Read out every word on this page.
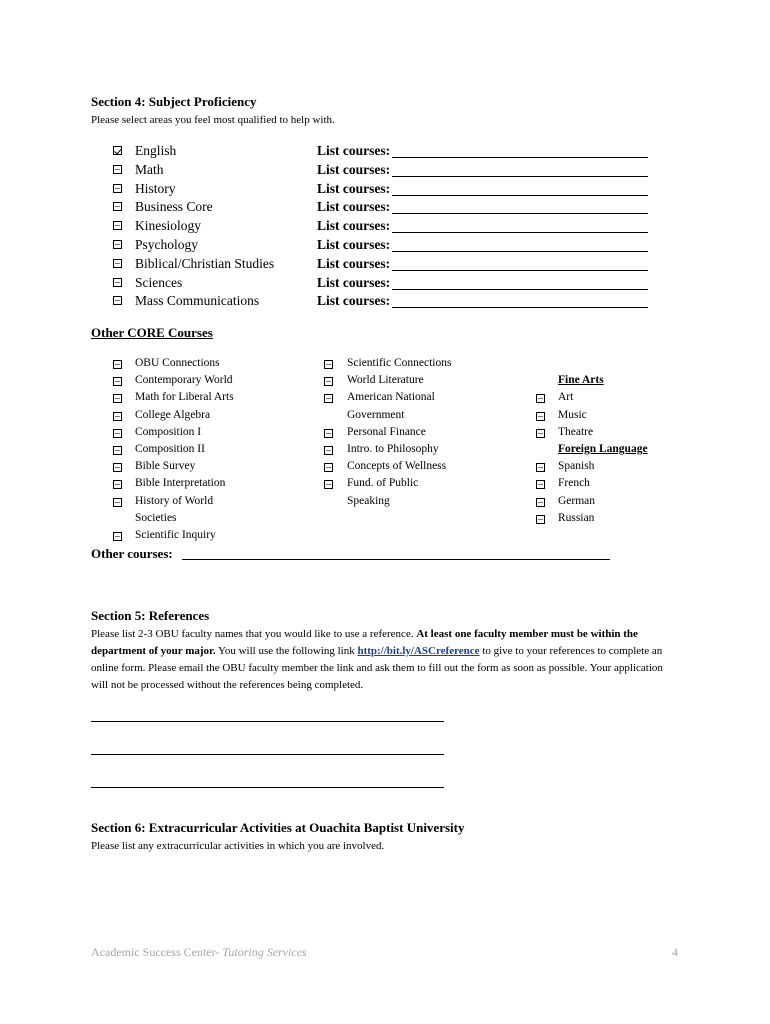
Section 4: Subject Proficiency
Please select areas you feel most qualified to help with.
English	List courses:
Math	List courses:
History	List courses:
Business Core	List courses:
Kinesiology	List courses:
Psychology	List courses:
Biblical/Christian Studies	List courses:
Sciences	List courses:
Mass Communications	List courses:
Other CORE Courses
OBU Connections
Contemporary World
Math for Liberal Arts
College Algebra
Composition I
Composition II
Bible Survey
Bible Interpretation
History of World
Scientific Inquiry
Societies
Scientific Connections
World Literature
American National
Personal Finance
Intro. to Philosophy
Concepts of Wellness
Fund. of Public
Government
Speaking
Fine Arts
Art
Music
Theatre
Foreign Language
Spanish
French
German
Russian
Other courses:
Section 5: References
Please list 2-3 OBU faculty names that you would like to use a reference. At least one faculty member must be within the department of your major. You will use the following link http://bit.ly/ASCreference to give to your references to complete an online form. Please email the OBU faculty member the link and ask them to fill out the form as soon as possible. Your application will not be processed without the references being completed.
Section 6: Extracurricular Activities at Ouachita Baptist University
Please list any extracurricular activities in which you are involved.
Academic Success Center- Tutoring Services	4
